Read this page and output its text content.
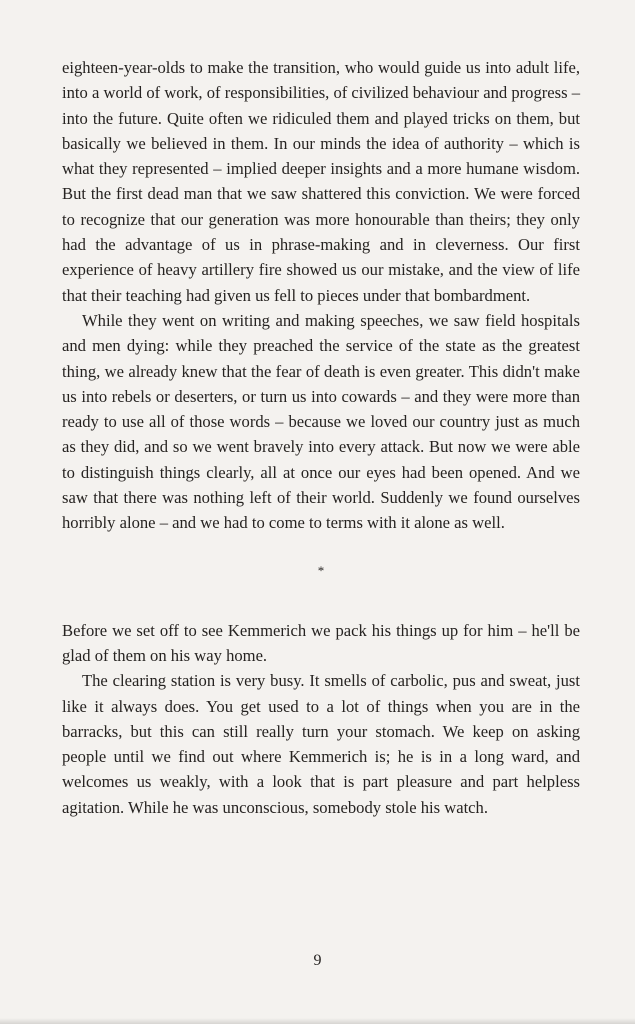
eighteen-year-olds to make the transition, who would guide us into adult life, into a world of work, of responsibilities, of civilized behaviour and progress – into the future. Quite often we ridiculed them and played tricks on them, but basically we believed in them. In our minds the idea of authority – which is what they represented – implied deeper insights and a more humane wisdom. But the first dead man that we saw shattered this conviction. We were forced to recognize that our generation was more honourable than theirs; they only had the advantage of us in phrase-making and in cleverness. Our first experience of heavy artillery fire showed us our mistake, and the view of life that their teaching had given us fell to pieces under that bombardment.

While they went on writing and making speeches, we saw field hospitals and men dying: while they preached the service of the state as the greatest thing, we already knew that the fear of death is even greater. This didn't make us into rebels or deserters, or turn us into cowards – and they were more than ready to use all of those words – because we loved our country just as much as they did, and so we went bravely into every attack. But now we were able to distinguish things clearly, all at once our eyes had been opened. And we saw that there was nothing left of their world. Suddenly we found ourselves horribly alone – and we had to come to terms with it alone as well.

*

Before we set off to see Kemmerich we pack his things up for him – he'll be glad of them on his way home.

The clearing station is very busy. It smells of carbolic, pus and sweat, just like it always does. You get used to a lot of things when you are in the barracks, but this can still really turn your stomach. We keep on asking people until we find out where Kemmerich is; he is in a long ward, and welcomes us weakly, with a look that is part pleasure and part helpless agitation. While he was unconscious, somebody stole his watch.

9
